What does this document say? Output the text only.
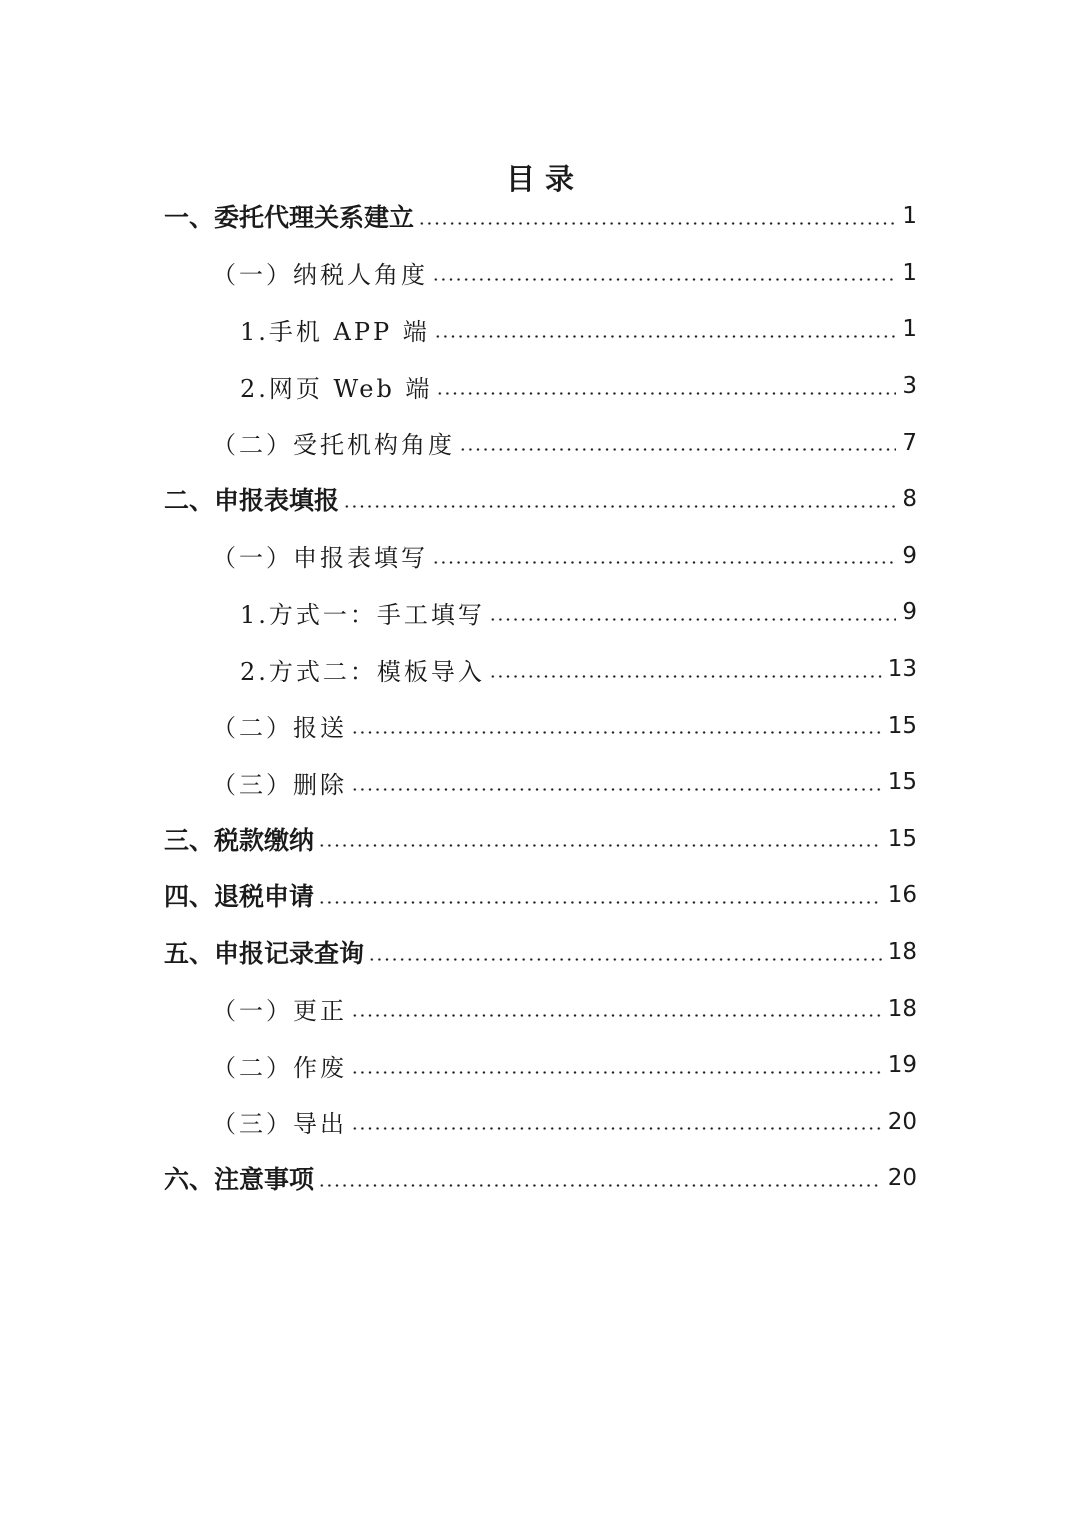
目 录
一、委托代理关系建立	1
（一）纳税人角度	1
1.手机 APP 端	1
2.网页 Web 端	3
（二）受托机构角度	7
二、申报表填报	8
（一）申报表填写	9
1.方式一：手工填写	9
2.方式二：模板导入	13
（二）报送	15
（三）删除	15
三、税款缴纳	15
四、退税申请	16
五、申报记录查询	18
（一）更正	18
（二）作废	19
（三）导出	20
六、注意事项	20
